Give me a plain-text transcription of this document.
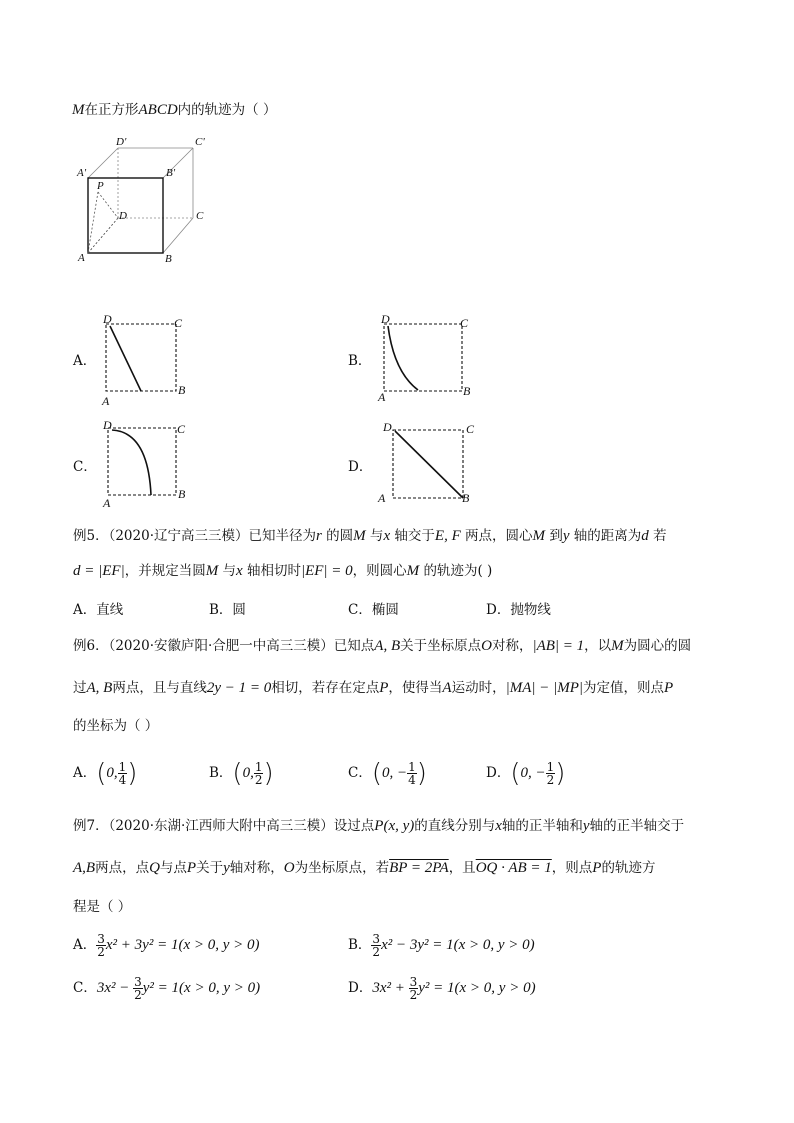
M在正方形ABCD内的轨迹为（ ）
D'	C'
A'	B'
P
D	C
A	B
A．	B．
C．	D．
D	C
A
B
D	C
A	B
D	C
A
B
D	C
A	B
例5．（2020·辽宁高三三模）已知半径为r 的圆M 与x 轴交于E, F 两点，圆心M 到y 轴的距离为d 若
d = |EF|，并规定当圆M 与x 轴相切时|EF| = 0，则圆心M 的轨迹为( )
A．直线	B．圆	C．椭圆	D．抛物线
例6．（2020·安徽庐阳·合肥一中高三三模）已知点A, B关于坐标原点O对称，|AB| = 1，以M为圆心的圆
过A, B两点，且与直线2y − 1 = 0相切，若存在定点P，使得当A运动时，|MA| − |MP|为定值，则点P
的坐标为（ ）
A．(0, $\frac{1}{4}$ )	B．(0, $\frac{1}{2}$ )	C．(0, − $\frac{1}{4}$ )	D．(0, − $\frac{1}{2}$ )
例7．（2020·东湖·江西师大附中高三三模）设过点P(x, y)的直线分别与x轴的正半轴和y轴的正半轴交于
A,B两点，点Q与点P关于y轴对称，O为坐标原点，若BP = 2PA，且OQ · AB = 1，则点P的轨迹方
程是（ ）
A． $\frac{3}{2} x^2 + 3y^2 = 1(x > 0$, y > 0)	B． $\frac{3}{2} x^2 - 3y^2 = 1(x > 0$, y > 0)
C．$3x^2 - \frac{3}{2} y^2 = 1(x > 0$, y > 0)	D．$3x^2 + \frac{3}{2} y^2 = 1(x > 0$, y > 0)
